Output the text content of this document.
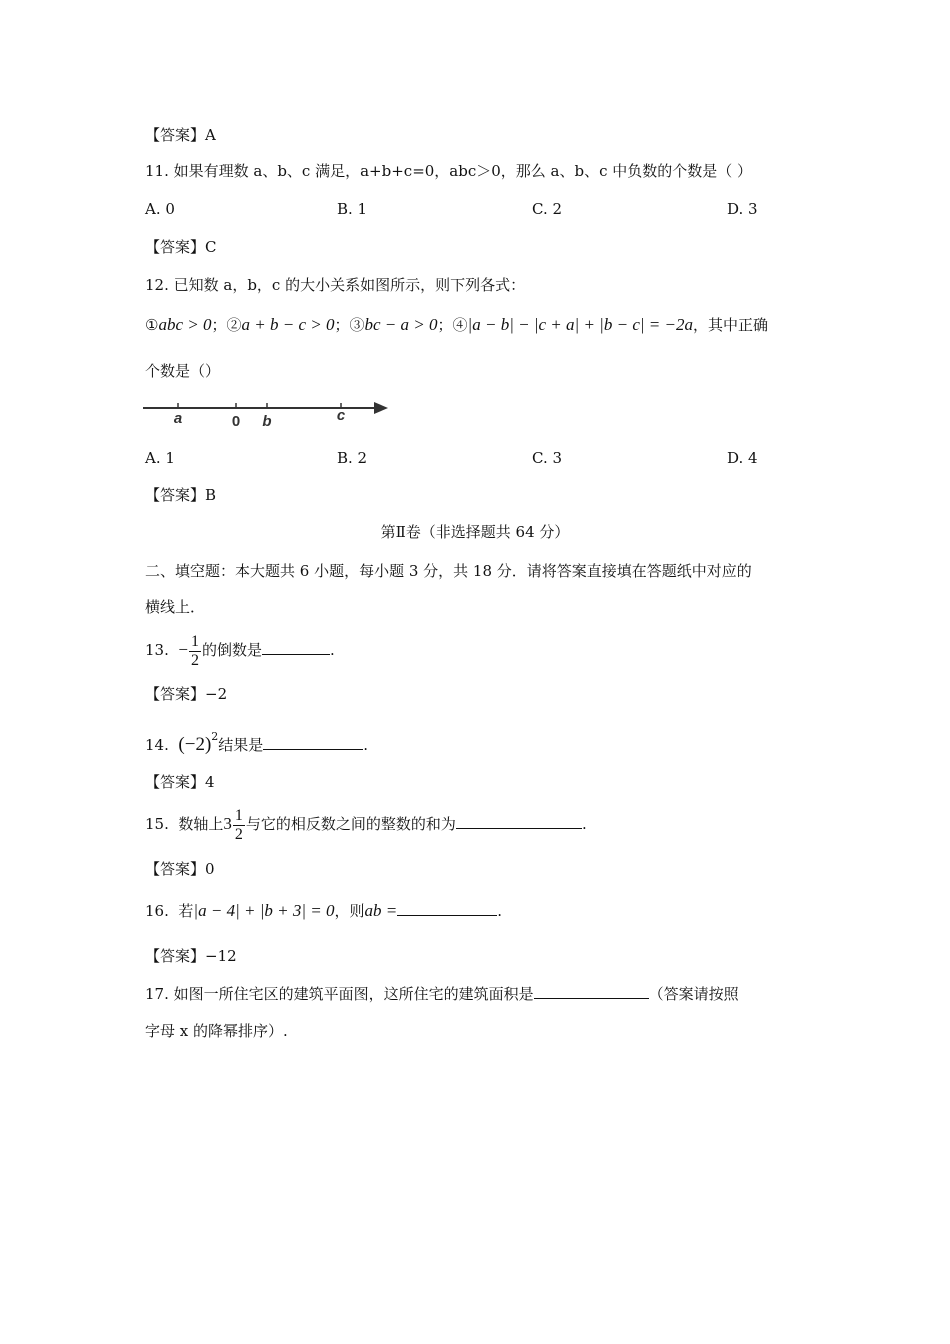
【答案】A
11. 如果有理数 a、b、c 满足，a+b+c=0，abc＞0，那么 a、b、c 中负数的个数是（ ）
A. 0	B. 1	C. 2	D. 3
【答案】C
12. 已知数 a，b，c 的大小关系如图所示，则下列各式：
①abc > 0；②a + b − c > 0；③bc − a > 0；④|a − b| − |c + a| + |b − c| = −2a，其中正确
个数是（）
a	0 b	c
A. 1	B. 2	C. 3	D. 4
【答案】B
第Ⅱ卷（非选择题共 64 分）
二、填空题：本大题共 6 小题，每小题 3 分，共 18 分．请将答案直接填在答题纸中对应的
横线上．
13. − $\frac{1}{2}$ 的倒数是	.
【答案】−2
14. $(-2)^2$结果是	.
【答案】4
15. 数轴上$3 \frac{1}{2}$ 与它的相反数之间的整数的和为	.
【答案】0
16. 若|a − 4| + |b + 3| = 0，则ab =	.
【答案】−12
17. 如图一所住宅区的建筑平面图，这所住宅的建筑面积是	（答案请按照
字母 x 的降幂排序）.
